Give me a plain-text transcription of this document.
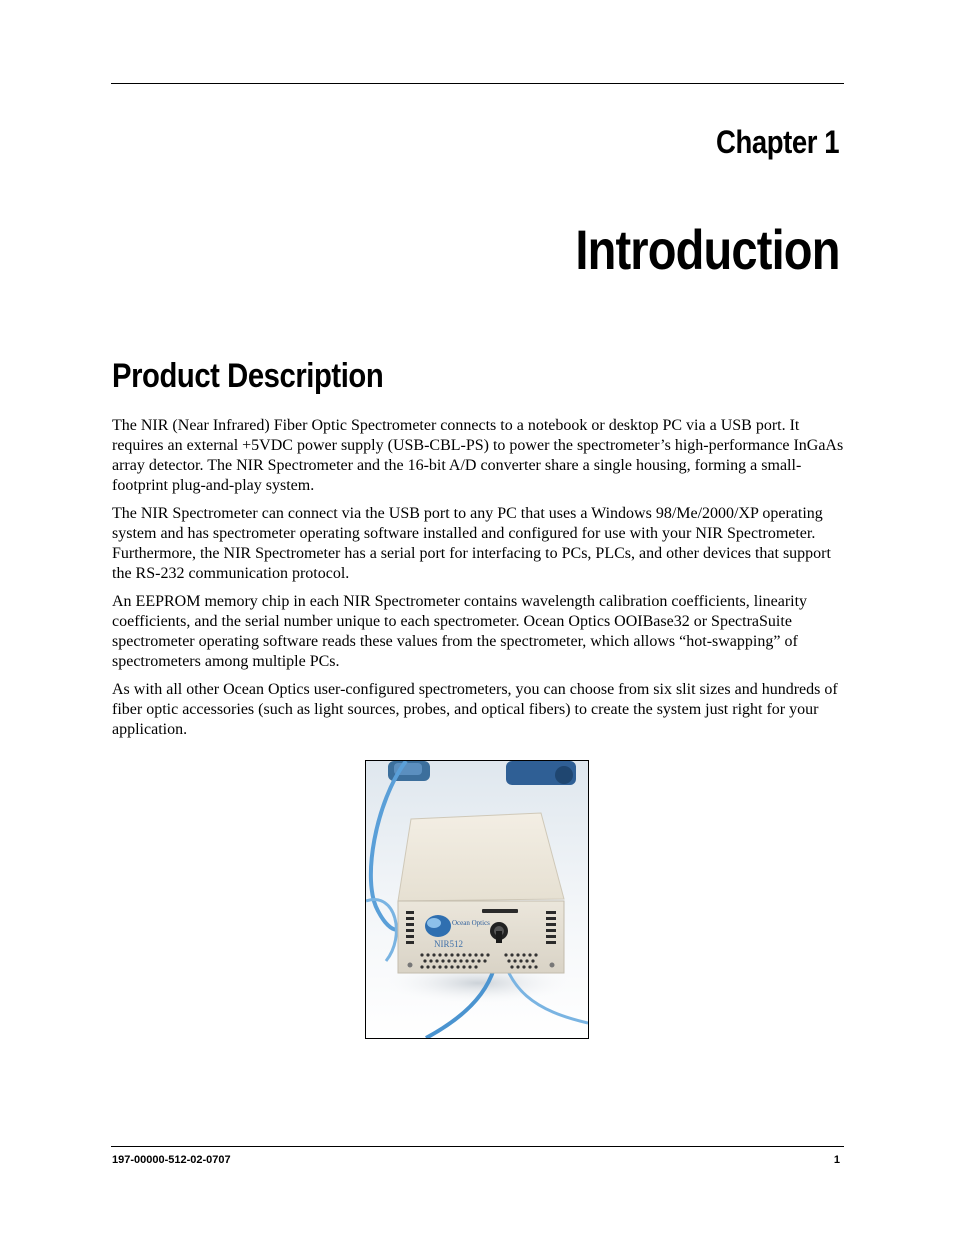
Chapter 1
Introduction
Product Description

The NIR (Near Infrared) Fiber Optic Spectrometer connects to a notebook or desktop PC via a USB port. It requires an external +5VDC power supply (USB-CBL-PS) to power the spectrometer’s high-performance InGaAs array detector. The NIR Spectrometer and the 16-bit A/D converter share a single housing, forming a small-footprint plug-and-play system.

The NIR Spectrometer can connect via the USB port to any PC that uses a Windows 98/Me/2000/XP operating system and has spectrometer operating software installed and configured for use with your NIR Spectrometer. Furthermore, the NIR Spectrometer has a serial port for interfacing to PCs, PLCs, and other devices that support the RS-232 communication protocol.

An EEPROM memory chip in each NIR Spectrometer contains wavelength calibration coefficients, linearity coefficients, and the serial number unique to each spectrometer. Ocean Optics OOIBase32 or SpectraSuite spectrometer operating software reads these values from the spectrometer, which allows “hot-swapping” of spectrometers among multiple PCs.

As with all other Ocean Optics user-configured spectrometers, you can choose from six slit sizes and hundreds of fiber optic accessories (such as light sources, probes, and optical fibers) to create the system just right for your application.

Ocean Optics
NIR512
197-00000-512-02-0707	1
